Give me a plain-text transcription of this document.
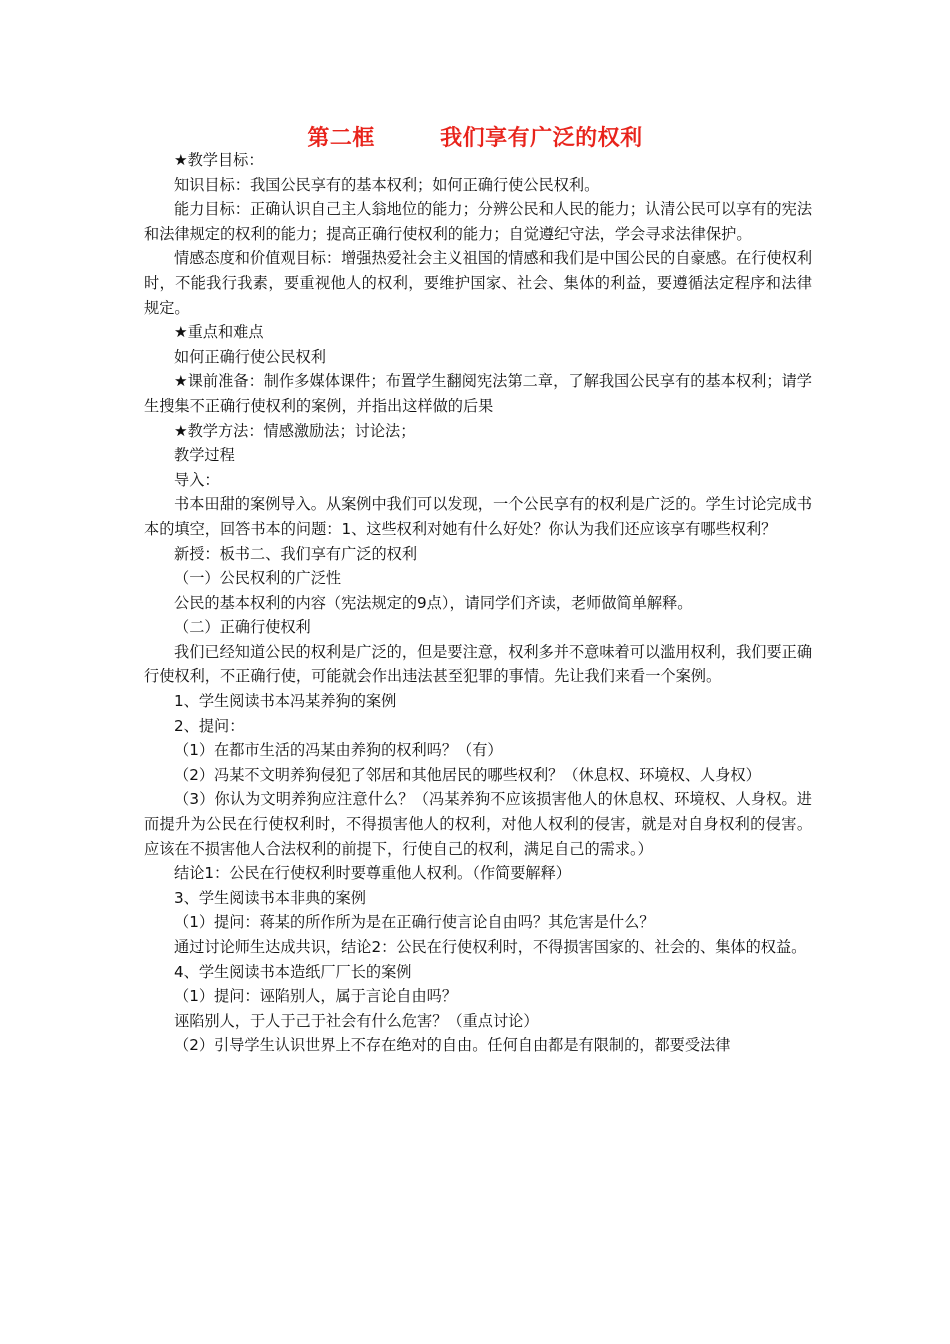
第二框        我们享有广泛的权利

★教学目标：

知识目标：我国公民享有的基本权利；如何正确行使公民权利。

能力目标：正确认识自己主人翁地位的能力；分辨公民和人民的能力；认清公民可以享有的宪法和法律规定的权利的能力；提高正确行使权利的能力；自觉遵纪守法，学会寻求法律保护。

情感态度和价值观目标：增强热爱社会主义祖国的情感和我们是中国公民的自豪感。在行使权利时，不能我行我素，要重视他人的权利，要维护国家、社会、集体的利益，要遵循法定程序和法律规定。

★重点和难点

如何正确行使公民权利

★课前准备：制作多媒体课件；布置学生翻阅宪法第二章，了解我国公民享有的基本权利；请学生搜集不正确行使权利的案例，并指出这样做的后果

★教学方法：情感激励法；讨论法；

教学过程

导入：

书本田甜的案例导入。从案例中我们可以发现，一个公民享有的权利是广泛的。学生讨论完成书本的填空，回答书本的问题：1、这些权利对她有什么好处？你认为我们还应该享有哪些权利？

新授：板书二、我们享有广泛的权利

（一）公民权利的广泛性

公民的基本权利的内容（宪法规定的9点），请同学们齐读，老师做简单解释。

（二）正确行使权利

我们已经知道公民的权利是广泛的，但是要注意，权利多并不意味着可以滥用权利，我们要正确行使权利，不正确行使，可能就会作出违法甚至犯罪的事情。先让我们来看一个案例。

1、学生阅读书本冯某养狗的案例

2、提问：

（1）在都市生活的冯某由养狗的权利吗？（有）

（2）冯某不文明养狗侵犯了邻居和其他居民的哪些权利？（休息权、环境权、人身权）

（3）你认为文明养狗应注意什么？（冯某养狗不应该损害他人的休息权、环境权、人身权。进而提升为公民在行使权利时，不得损害他人的权利，对他人权利的侵害，就是对自身权利的侵害。应该在不损害他人合法权利的前提下，行使自己的权利，满足自己的需求。）

结论1：公民在行使权利时要尊重他人权利。（作简要解释）

3、学生阅读书本非典的案例

（1）提问：蒋某的所作所为是在正确行使言论自由吗？其危害是什么？

通过讨论师生达成共识，结论2：公民在行使权利时，不得损害国家的、社会的、集体的权益。

4、学生阅读书本造纸厂厂长的案例

（1）提问：诬陷别人，属于言论自由吗？

诬陷别人，于人于己于社会有什么危害？（重点讨论）

（2）引导学生认识世界上不存在绝对的自由。任何自由都是有限制的，都要受法律
